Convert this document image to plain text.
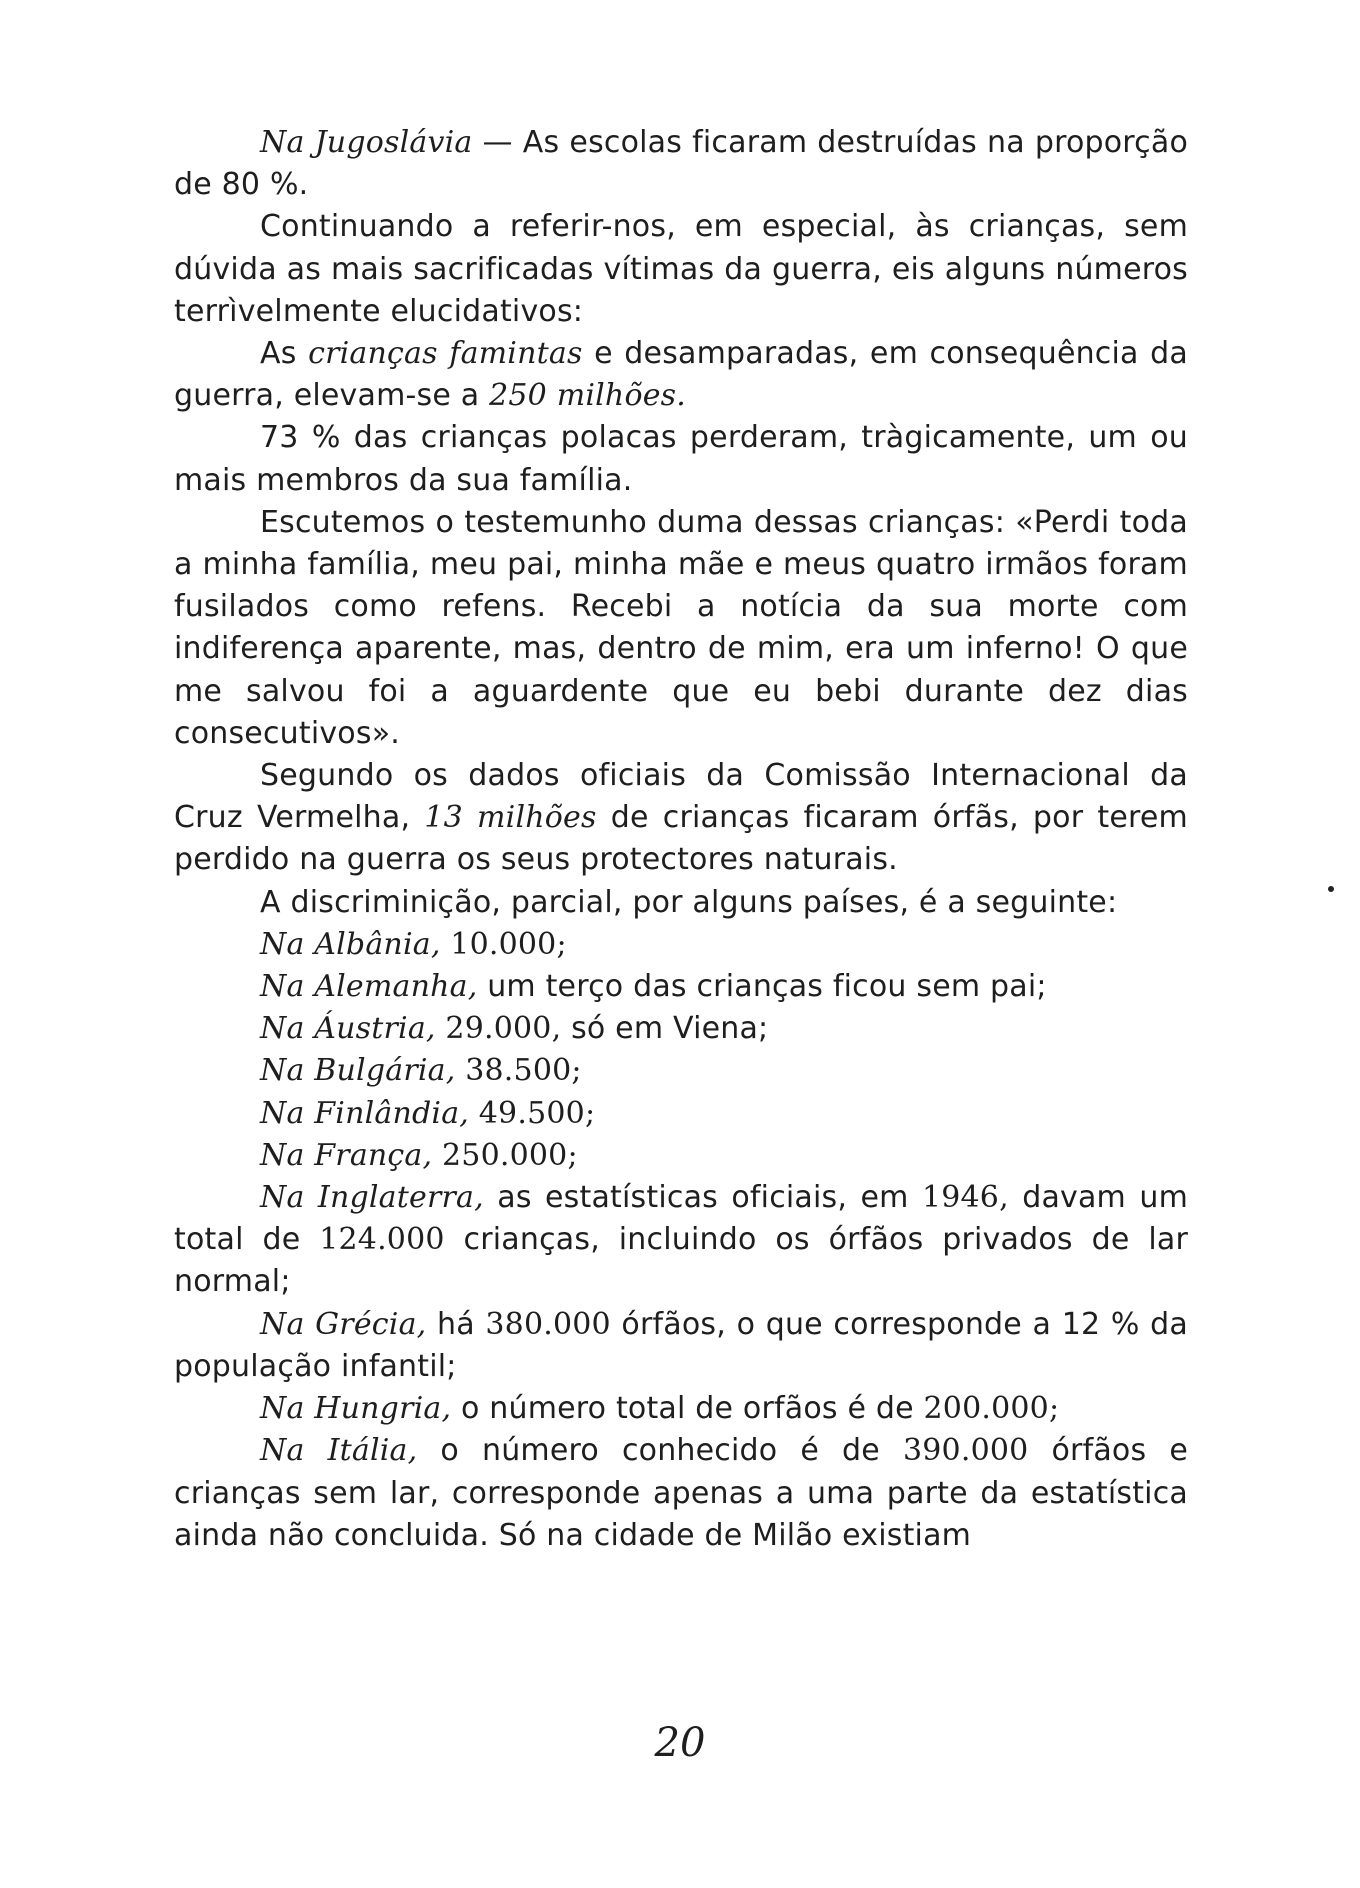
Na Jugoslávia — As escolas ficaram destruídas na proporção de 80 %.

Continuando a referir-nos, em especial, às crianças, sem dúvida as mais sacrificadas vítimas da guerra, eis alguns números terrìvelmente elucidativos:

As crianças famintas e desamparadas, em consequência da guerra, elevam-se a 250 milhões.

73 % das crianças polacas perderam, tràgicamente, um ou mais membros da sua família.

Escutemos o testemunho duma dessas crianças: «Perdi toda a minha família, meu pai, minha mãe e meus quatro irmãos foram fusilados como refens. Recebi a notícia da sua morte com indiferença aparente, mas, dentro de mim, era um inferno! O que me salvou foi a aguardente que eu bebi durante dez dias consecutivos».

Segundo os dados oficiais da Comissão Internacional da Cruz Vermelha, 13 milhões de crianças ficaram órfãs, por terem perdido na guerra os seus protectores naturais.

A discriminição, parcial, por alguns países, é a seguinte:

Na Albânia, 10.000;

Na Alemanha, um terço das crianças ficou sem pai;

Na Áustria, 29.000, só em Viena;

Na Bulgária, 38.500;

Na Finlândia, 49.500;

Na França, 250.000;

Na Inglaterra, as estatísticas oficiais, em 1946, davam um total de 124.000 crianças, incluindo os órfãos privados de lar normal;

Na Grécia, há 380.000 órfãos, o que corresponde a 12 % da população infantil;

Na Hungria, o número total de orfãos é de 200.000;

Na Itália, o número conhecido é de 390.000 órfãos e crianças sem lar, corresponde apenas a uma parte da estatística ainda não concluida. Só na cidade de Milão existiam

20
